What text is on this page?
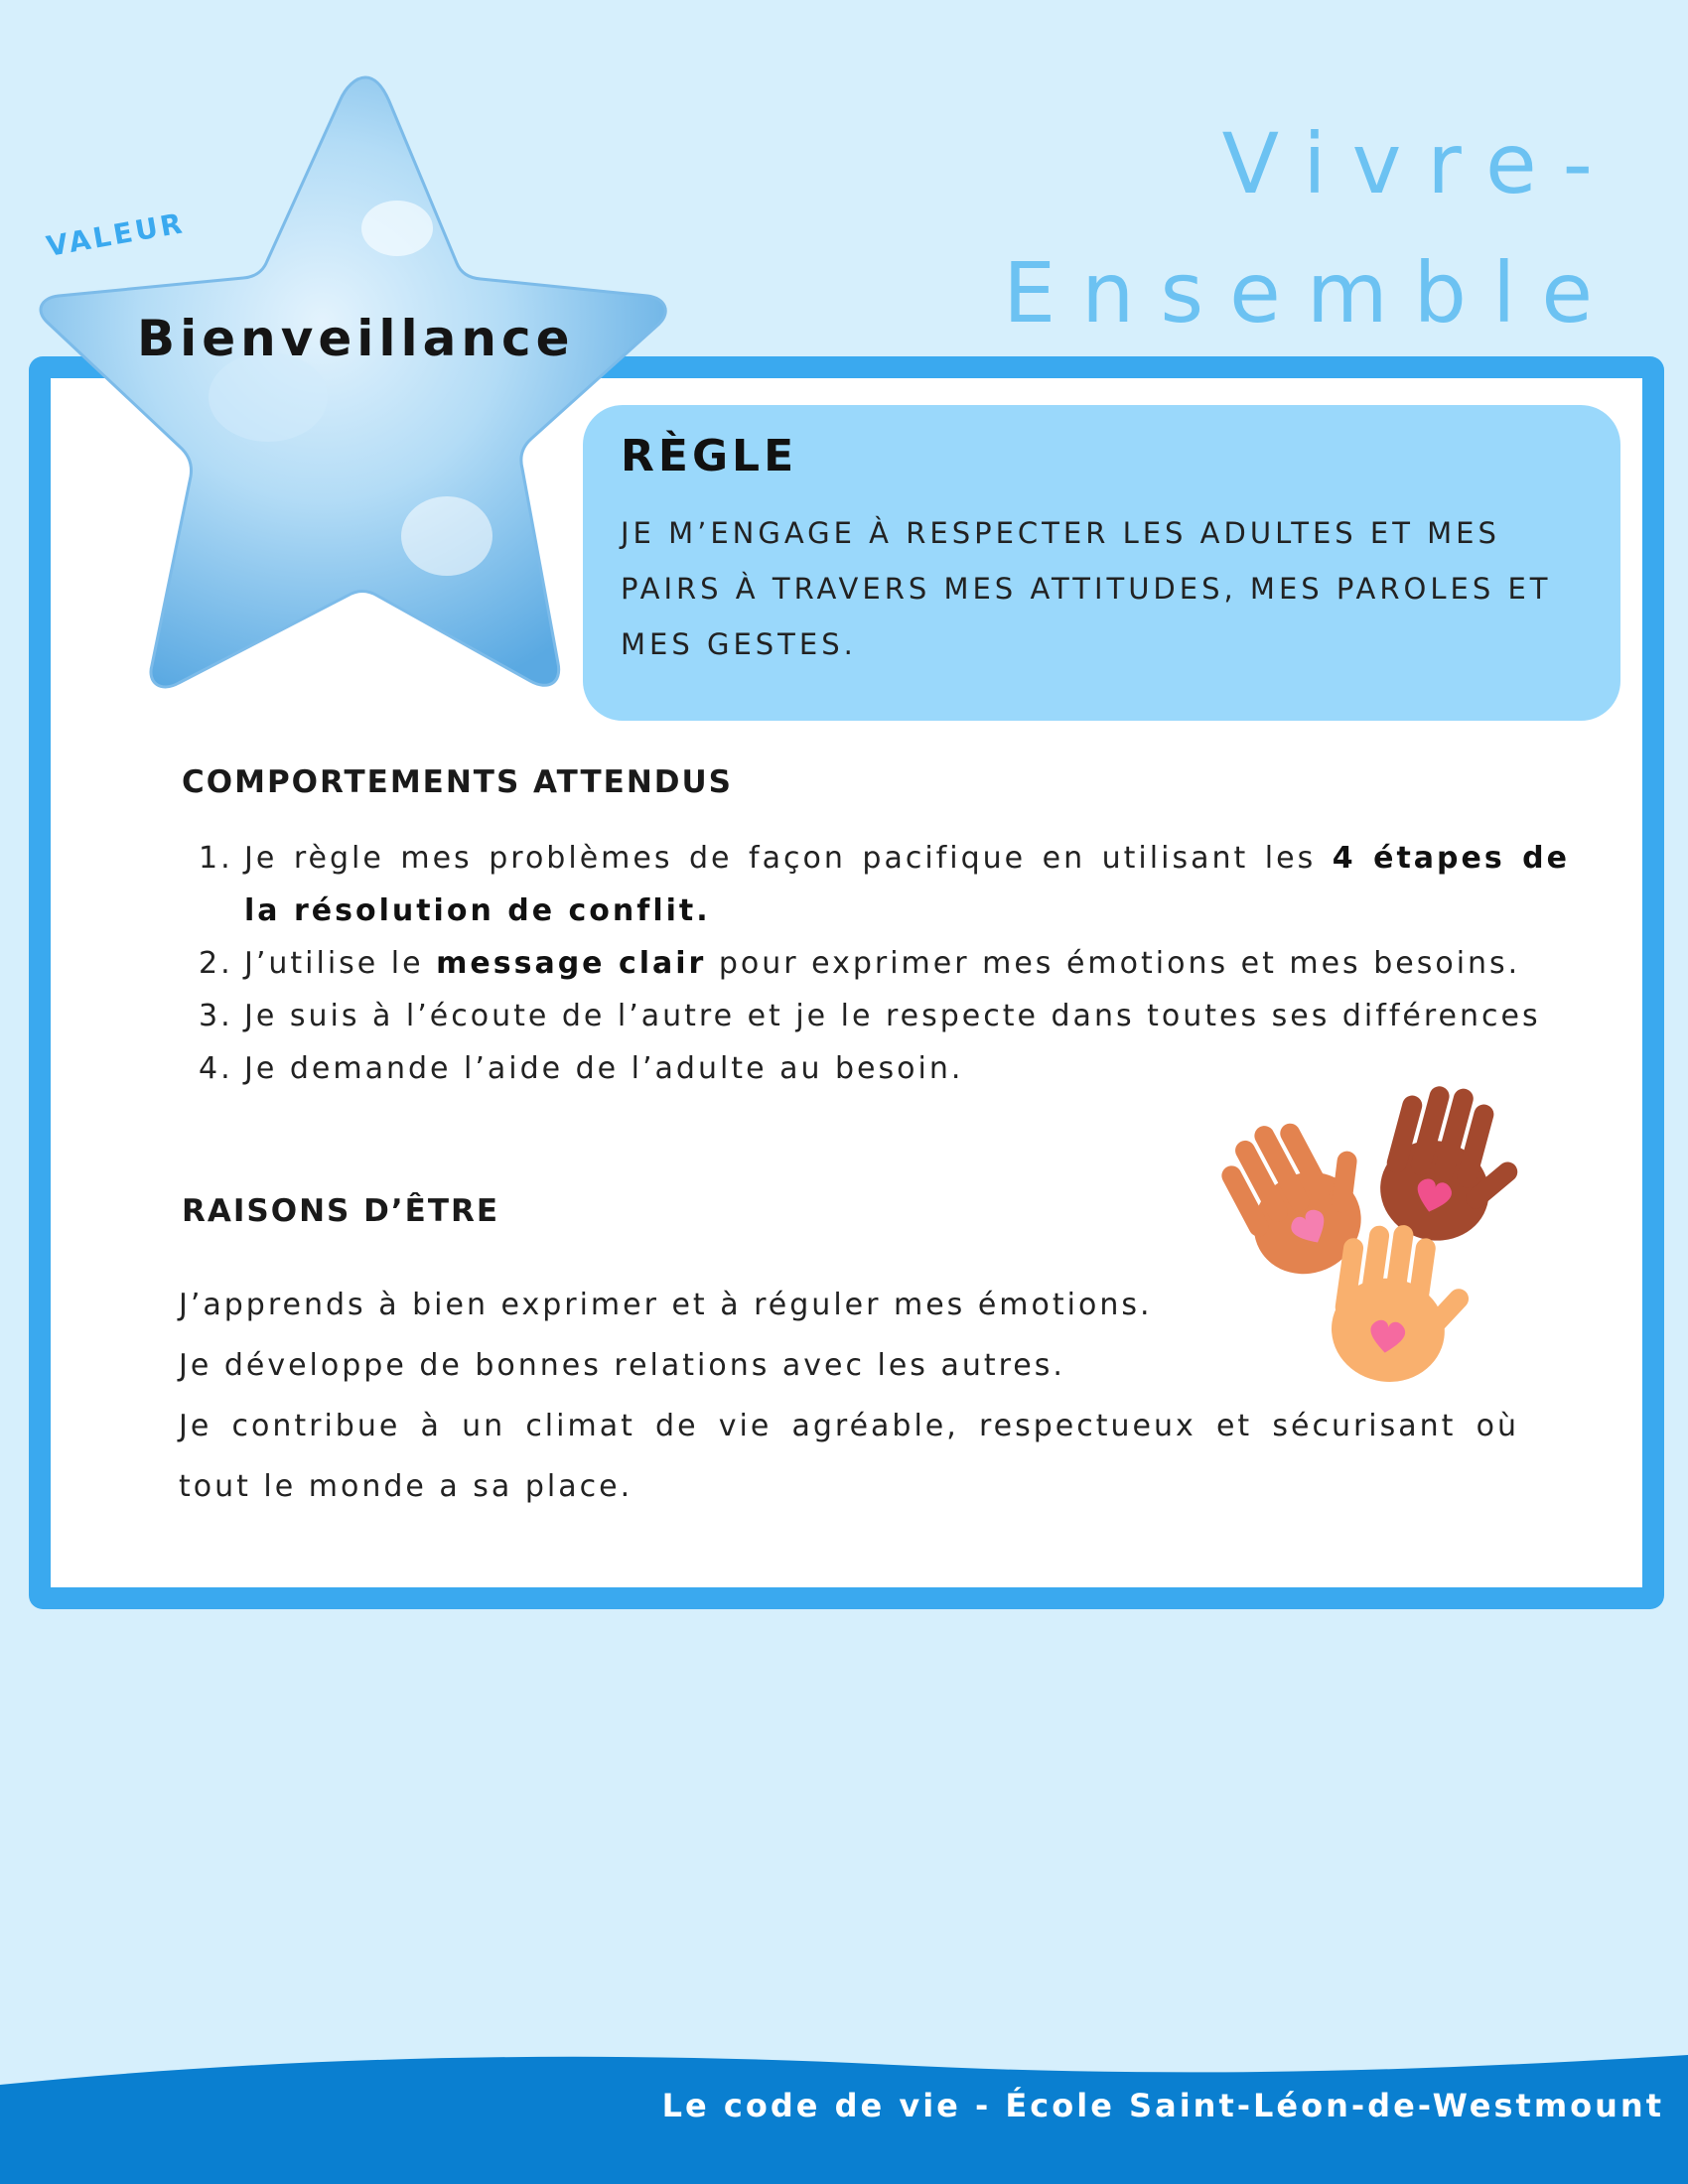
Vivre-
Ensemble

VALEUR

Bienveillance

RÈGLE

JE M’ENGAGE À RESPECTER LES ADULTES ET MES PAIRS À TRAVERS MES ATTITUDES, MES PAROLES ET MES GESTES.

COMPORTEMENTS ATTENDUS
1. Je règle mes problèmes de façon pacifique en utilisant les 4 étapes de la résolution de conflit.
2. J’utilise le message clair pour exprimer mes émotions et mes besoins.
3. Je suis à l’écoute de l’autre et je le respecte dans toutes ses différences
4. Je demande l’aide de l’adulte au besoin.
RAISONS D’ÊTRE

J’apprends à bien exprimer et à réguler mes émotions.

Je développe de bonnes relations avec les autres.

Je contribue à un climat de vie agréable, respectueux et sécurisant où tout le monde a sa place.

Le code de vie - École Saint-Léon-de-Westmount
